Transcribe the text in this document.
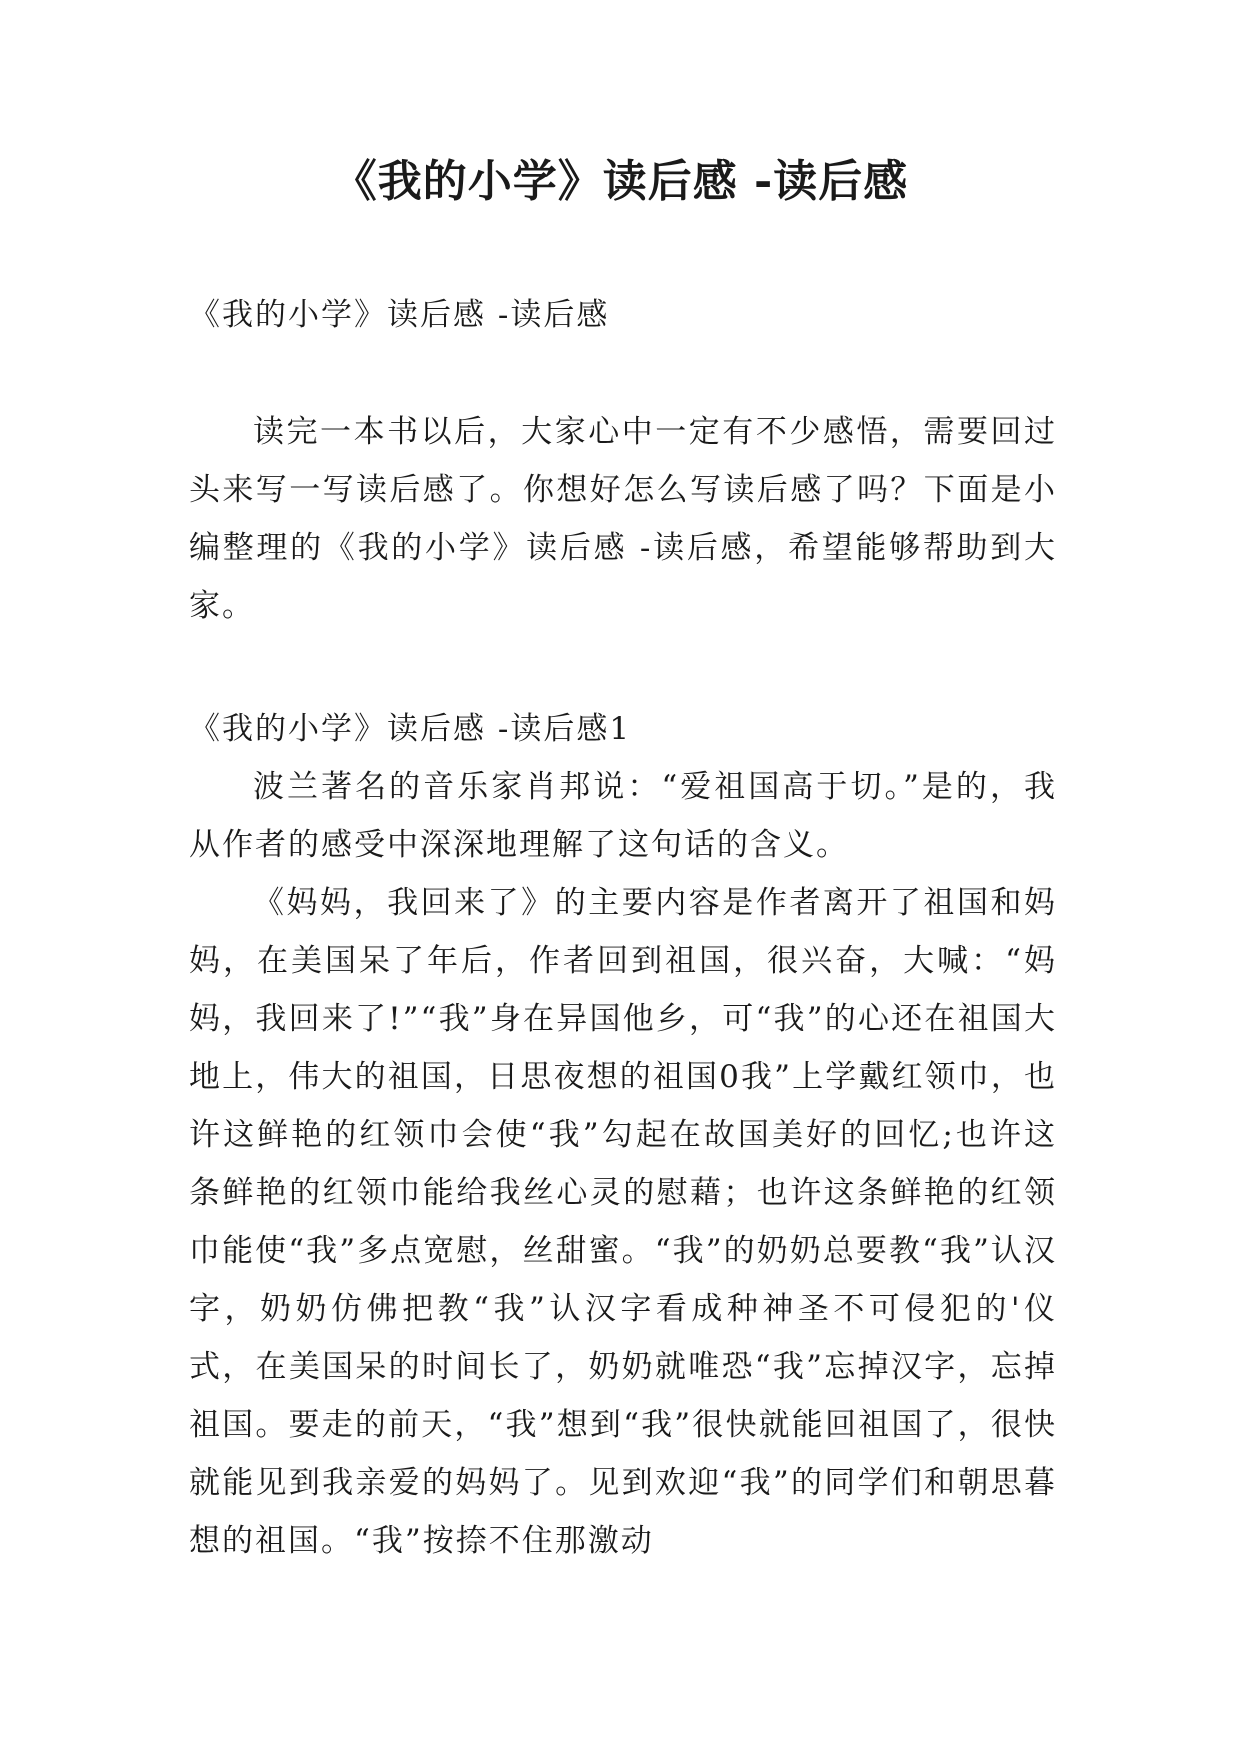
《我的小学》读后感 -读后感

《我的小学》读后感 -读后感

读完一本书以后，大家心中一定有不少感悟，需要回过头来写一写读后感了。你想好怎么写读后感了吗？下面是小编整理的《我的小学》读后感 -读后感，希望能够帮助到大家。

《我的小学》读后感 -读后感1

波兰著名的音乐家肖邦说：“爱祖国高于切。”是的，我从作者的感受中深深地理解了这句话的含义。

《妈妈，我回来了》的主要内容是作者离开了祖国和妈妈，在美国呆了年后，作者回到祖国，很兴奋，大喊：“妈妈，我回来了!”“我”身在异国他乡，可“我”的心还在祖国大地上，伟大的祖国，日思夜想的祖国0我”上学戴红领巾，也许这鲜艳的红领巾会使“我”勾起在故国美好的回忆;也许这条鲜艳的红领巾能给我丝心灵的慰藉；也许这条鲜艳的红领巾能使“我”多点宽慰，丝甜蜜。“我”的奶奶总要教“我”认汉字，奶奶仿佛把教“我”认汉字看成种神圣不可侵犯的'仪式，在美国呆的时间长了，奶奶就唯恐“我”忘掉汉字，忘掉祖国。要走的前天，“我”想到“我”很快就能回祖国了，很快就能见到我亲爱的妈妈了。见到欢迎“我”的同学们和朝思暮想的祖国。“我”按捺不住那激动
